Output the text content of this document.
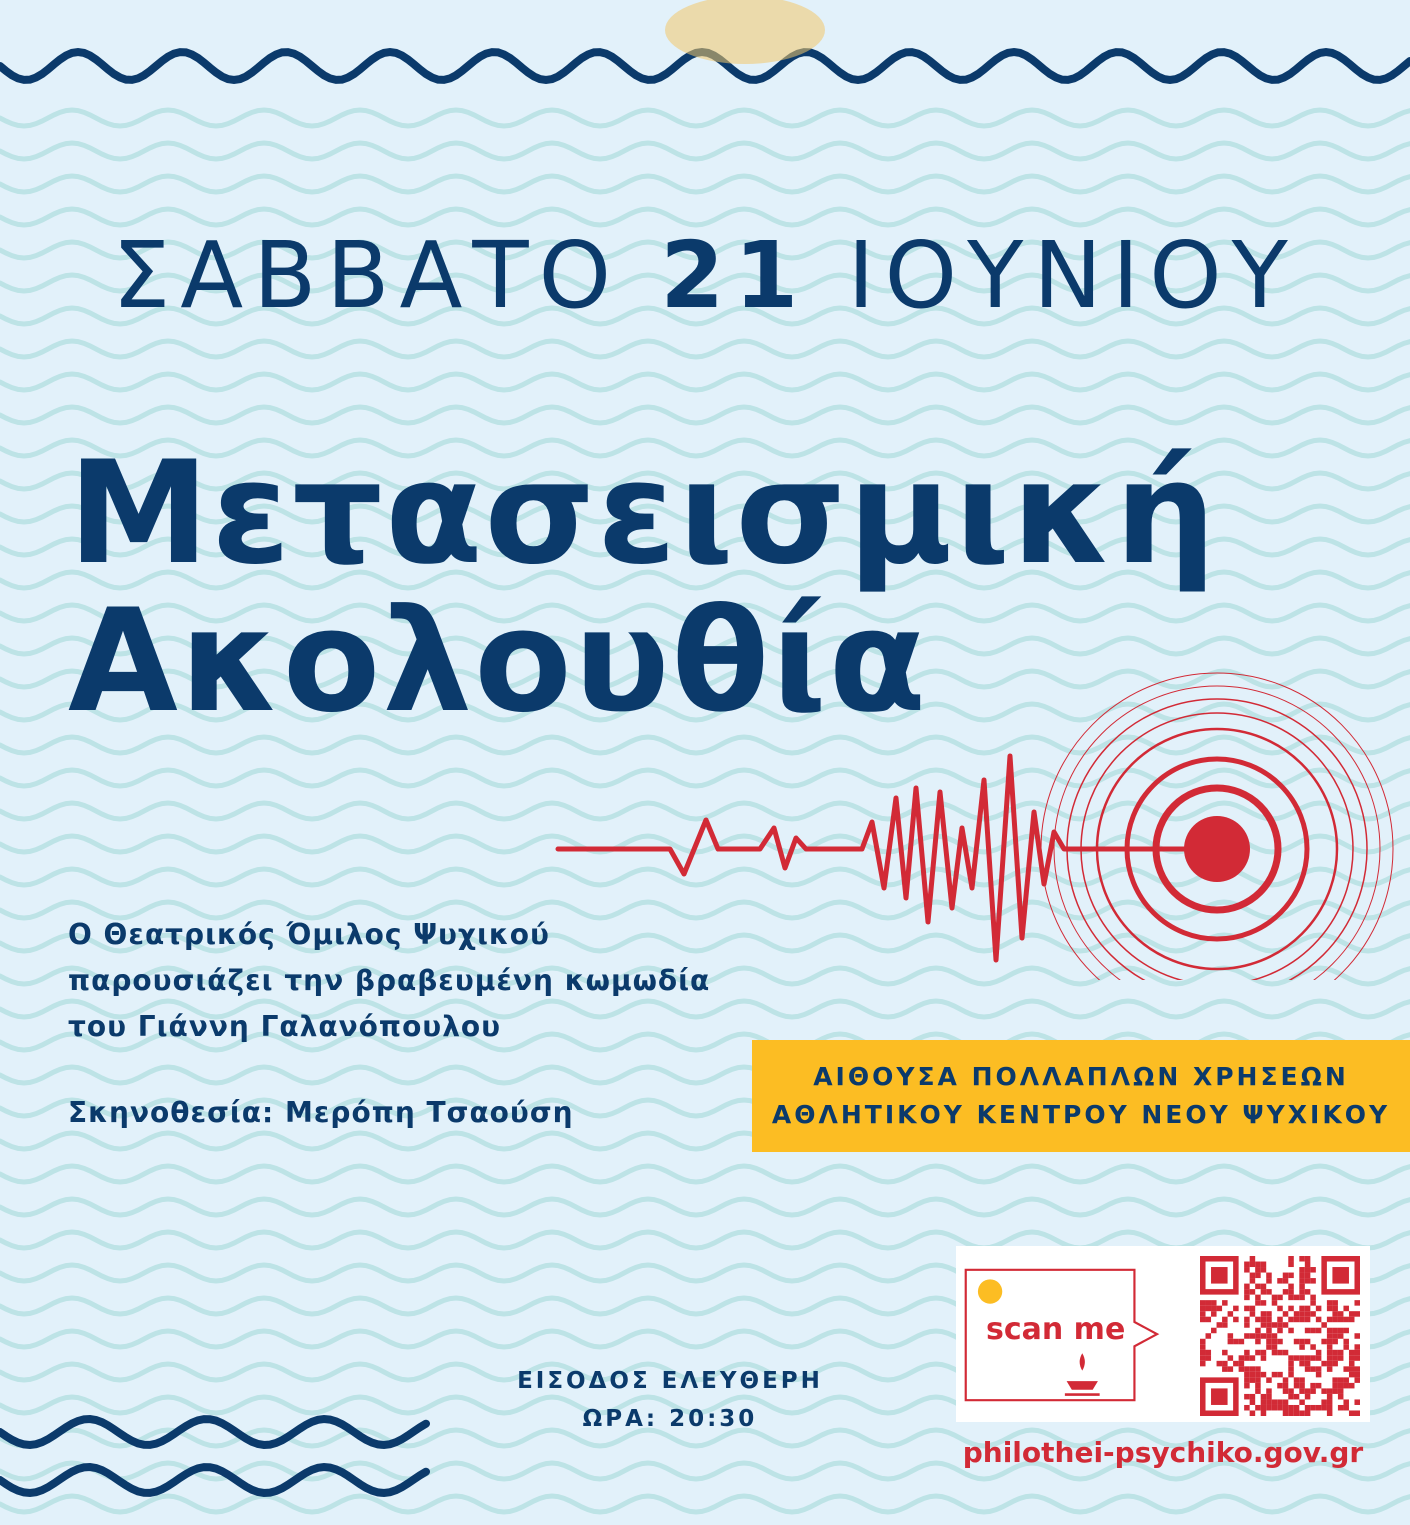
ΣΑΒΒΑΤΟ 21 ΙΟΥΝΙΟΥ
Μετασεισμική
Ακολουθία
Ο Θεατρικός Όμιλος Ψυχικού
παρουσιάζει την βραβευμένη κωμωδία
του Γιάννη Γαλανόπουλου
Σκηνοθεσία: Μερόπη Τσαούση
ΑΙΘΟΥΣΑ ΠΟΛΛΑΠΛΩΝ ΧΡΗΣΕΩΝ
ΑΘΛΗΤΙΚΟΥ ΚΕΝΤΡΟΥ ΝΕΟΥ ΨΥΧΙΚΟΥ
ΕΙΣΟΔΟΣ ΕΛΕΥΘΕΡΗ
ΩΡΑ: 20:30
scan me
philothei-psychiko.gov.gr
